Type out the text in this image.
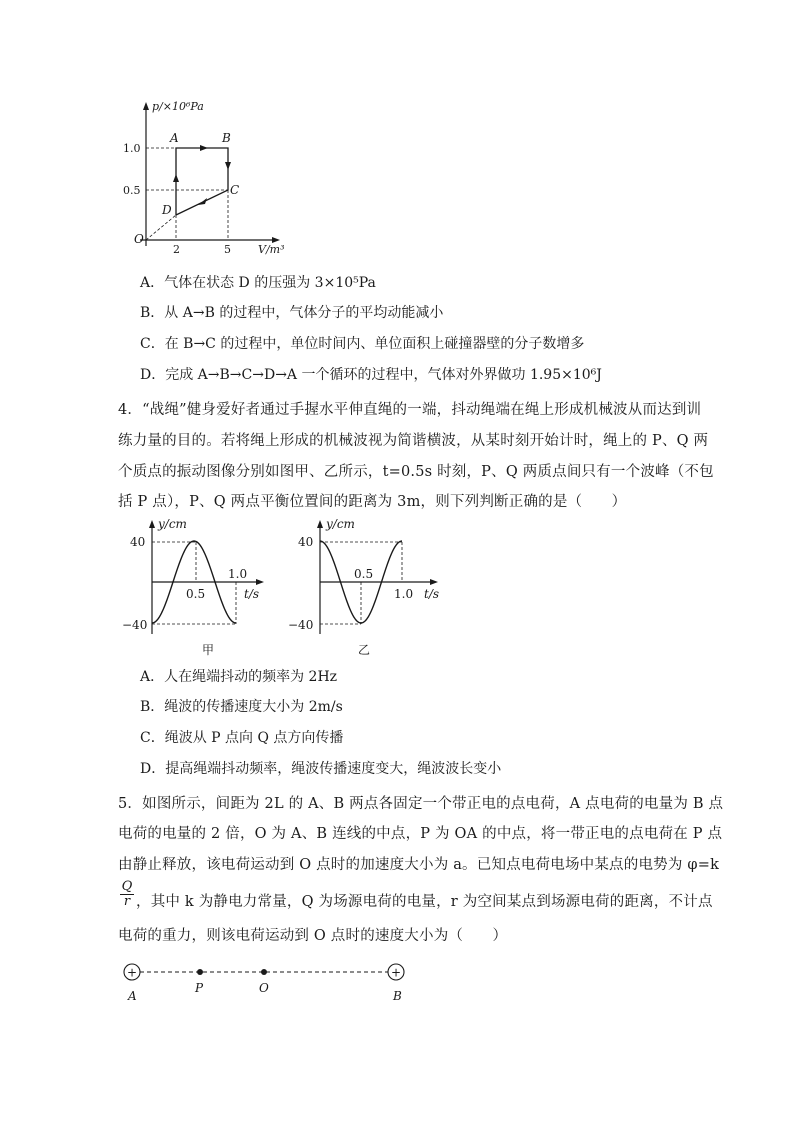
p/×10⁶Pa
V/m³
1.0
0.5
2	5
O
A	B
C
D
A．气体在状态 D 的压强为 3×10⁵Pa
B．从 A→B 的过程中，气体分子的平均动能减小
C．在 B→C 的过程中，单位时间内、单位面积上碰撞器壁的分子数增多
D．完成 A→B→C→D→A 一个循环的过程中，气体对外界做功 1.95×10⁶J
4．“战绳”健身爱好者通过手握水平伸直绳的一端，抖动绳端在绳上形成机械波从而达到训
练力量的目的。若将绳上形成的机械波视为简谐横波，从某时刻开始计时，绳上的 P、Q 两
个质点的振动图像分别如图甲、乙所示，t=0.5s 时刻，P、Q 两质点间只有一个波峰（不包
括 P 点），P、Q 两点平衡位置间的距离为 3m，则下列判断正确的是（　　）
y/cm
t/s
40
−40
0.5
1.0
甲
y/cm
t/s
40
−40
0.5
1.0
乙
A．人在绳端抖动的频率为 2Hz
B．绳波的传播速度大小为 2m/s
C．绳波从 P 点向 Q 点方向传播
D．提高绳端抖动频率，绳波传播速度变大，绳波波长变小
5．如图所示，间距为 2L 的 A、B 两点各固定一个带正电的点电荷，A 点电荷的电量为 B 点
电荷的电量的 2 倍，O 为 A、B 连线的中点，P 为 OA 的中点，将一带正电的点电荷在 P 点
由静止释放，该电荷运动到 O 点时的加速度大小为 a。已知点电荷电场中某点的电势为 φ=k
$\frac{Q}{r}$ ，其中 k 为静电力常量，Q 为场源电荷的电量，r 为空间某点到场源电荷的距离，不计点
电荷的重力，则该电荷运动到 O 点时的速度大小为（　　）
+	+
A
P	O
B
